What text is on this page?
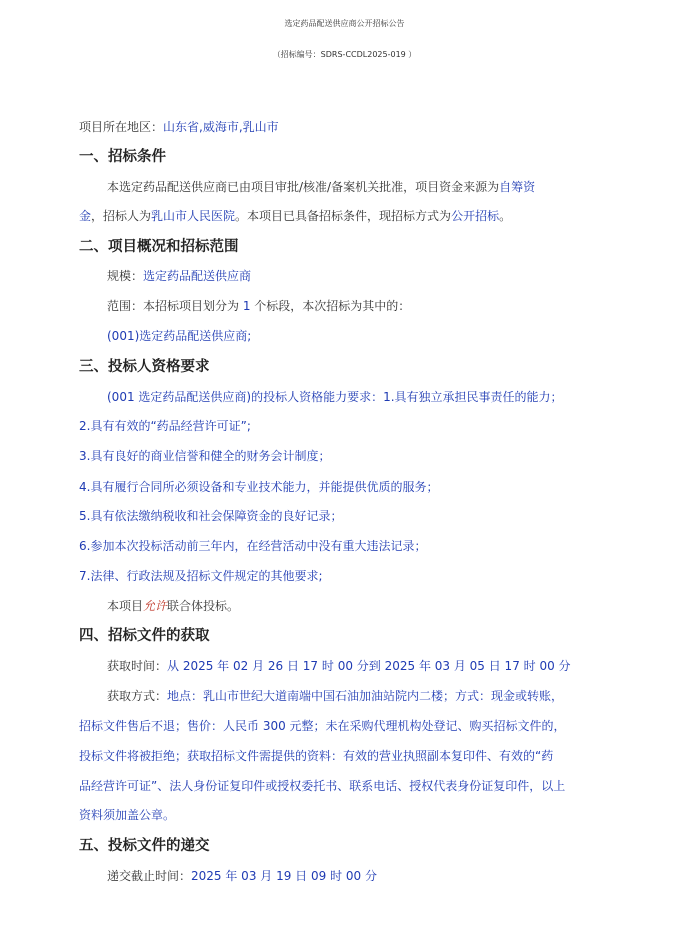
选定药品配送供应商公开招标公告
（招标编号：SDRS-CCDL2025-019 ）
项目所在地区：山东省,威海市,乳山市
一、招标条件
本选定药品配送供应商已由项目审批/核准/备案机关批准，项目资金来源为自筹资
金，招标人为乳山市人民医院。本项目已具备招标条件，现招标方式为公开招标。
二、项目概况和招标范围
规模：选定药品配送供应商
范围：本招标项目划分为 1 个标段，本次招标为其中的：
(001)选定药品配送供应商;
三、投标人资格要求
(001 选定药品配送供应商)的投标人资格能力要求：1.具有独立承担民事责任的能力；
2.具有有效的“药品经营许可证”;
3.具有良好的商业信誉和健全的财务会计制度；
4.具有履行合同所必须设备和专业技术能力，并能提供优质的服务；
5.具有依法缴纳税收和社会保障资金的良好记录；
6.参加本次投标活动前三年内，在经营活动中没有重大违法记录；
7.法律、行政法规及招标文件规定的其他要求;
本项目允许联合体投标。
四、招标文件的获取
获取时间：从 2025 年 02 月 26 日 17 时 00 分到 2025 年 03 月 05 日 17 时 00 分
获取方式：地点：乳山市世纪大道南端中国石油加油站院内二楼；方式：现金或转账，
招标文件售后不退；售价：人民币 300 元整；未在采购代理机构处登记、购买招标文件的，
投标文件将被拒绝；获取招标文件需提供的资料：有效的营业执照副本复印件、有效的“药
品经营许可证”、法人身份证复印件或授权委托书、联系电话、授权代表身份证复印件，以上
资料须加盖公章。
五、投标文件的递交
递交截止时间：2025 年 03 月 19 日 09 时 00 分
